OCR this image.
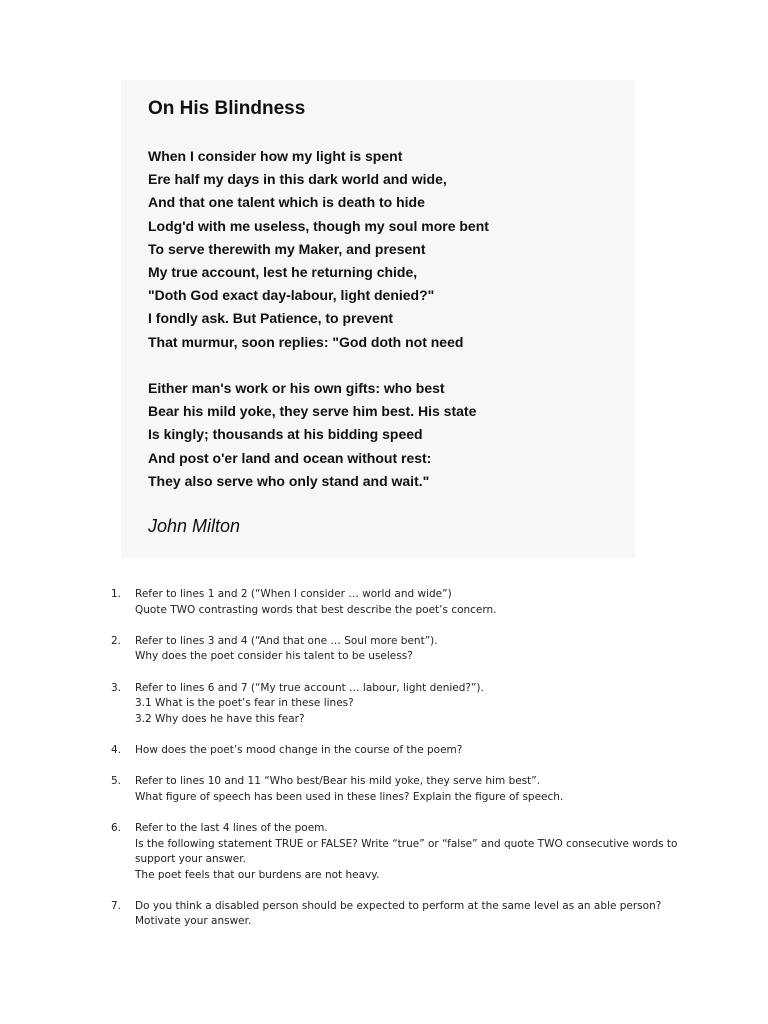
On His Blindness
When I consider how my light is spent
Ere half my days in this dark world and wide,
And that one talent which is death to hide
Lodg'd with me useless, though my soul more bent
To serve therewith my Maker, and present
My true account, lest he returning chide,
"Doth God exact day-labour, light denied?"
I fondly ask. But Patience, to prevent
That murmur, soon replies: "God doth not need
Either man's work or his own gifts: who best
Bear his mild yoke, they serve him best. His state
Is kingly; thousands at his bidding speed
And post o'er land and ocean without rest:
They also serve who only stand and wait."
John Milton
1. Refer to lines 1 and 2 (“When I consider … world and wide”)
Quote TWO contrasting words that best describe the poet’s concern.
2. Refer to lines 3 and 4 (“And that one … Soul more bent”).
Why does the poet consider his talent to be useless?
3. Refer to lines 6 and 7 (“My true account … labour, light denied?”).
3.1 What is the poet’s fear in these lines?
3.2 Why does he have this fear?
4. How does the poet’s mood change in the course of the poem?
5. Refer to lines 10 and 11 “Who best/Bear his mild yoke, they serve him best”.
What figure of speech has been used in these lines? Explain the figure of speech.
6. Refer to the last 4 lines of the poem.
Is the following statement TRUE or FALSE? Write “true” or “false” and quote TWO consecutive words to
support your answer.
The poet feels that our burdens are not heavy.
7. Do you think a disabled person should be expected to perform at the same level as an able person?
Motivate your answer.
